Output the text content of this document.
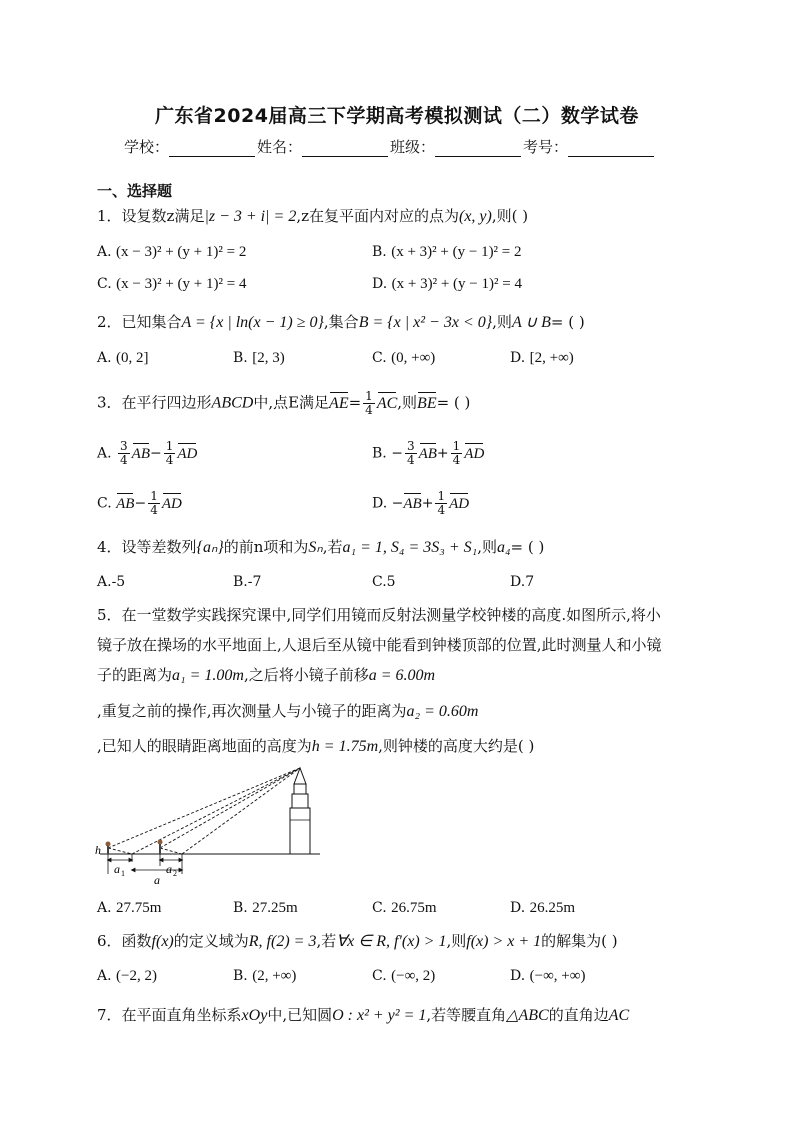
广东省2024届高三下学期高考模拟测试（二）数学试卷
学校：	姓名：	班级：	考号：
一、选择题
1．设复数z满足|z − 3 + i| = 2,z在复平面内对应的点为(x, y),则( )
A. (x − 3)² + (y + 1)² = 2	B. (x + 3)² + (y − 1)² = 2
C. (x − 3)² + (y + 1)² = 4	D. (x + 3)² + (y − 1)² = 4
2．已知集合A = {x | ln(x − 1) ≥ 0},集合B = {x | x² − 3x < 0},则A ∪ B= ( )
A. (0, 2]	B. [2, 3)	C. (0, +∞)	D. [2, +∞)
3．在平行四边形ABCD中,点E满足$AE= \frac{1}{4}$ AC,则BE= ( )
A. $\frac{3}{4} AB- \frac{1}{4}$ AD	B. − $\frac{3}{4} AB+ \frac{1}{4}$ AD
C. $AB- \frac{1}{4}$ AD	D. $-AB+ \frac{1}{4}$ AD
4．设等差数列{aₙ}的前n项和为Sₙ,若a₁ = 1, S₄ = 3S₃ + S₁,则a₄= ( )
A.-5	B.-7	C.5	D.7
5．在一堂数学实践探究课中,同学们用镜而反射法测量学校钟楼的高度.如图所示,将小
镜子放在操场的水平地面上,人退后至从镜中能看到钟楼顶部的位置,此时测量人和小镜
子的距离为a₁ = 1.00m,之后将小镜子前移a = 6.00m
,重复之前的操作,再次测量人与小镜子的距离为a₂ = 0.60m
,已知人的眼睛距离地面的高度为h = 1.75m,则钟楼的高度大约是( )
h
a 1	a 2
a
A. 27.75m	B. 27.25m	C. 26.75m	D. 26.25m
6．函数f(x)的定义域为R, f(2) = 3,若∀x ∈ R, f′(x) > 1,则f(x) > x + 1的解集为( )
A. (−2, 2)	B. (2, +∞)	C. (−∞, 2)	D. (−∞, +∞)
7．在平面直角坐标系xOy中,已知圆O : x² + y² = 1,若等腰直角△ABC的直角边AC
